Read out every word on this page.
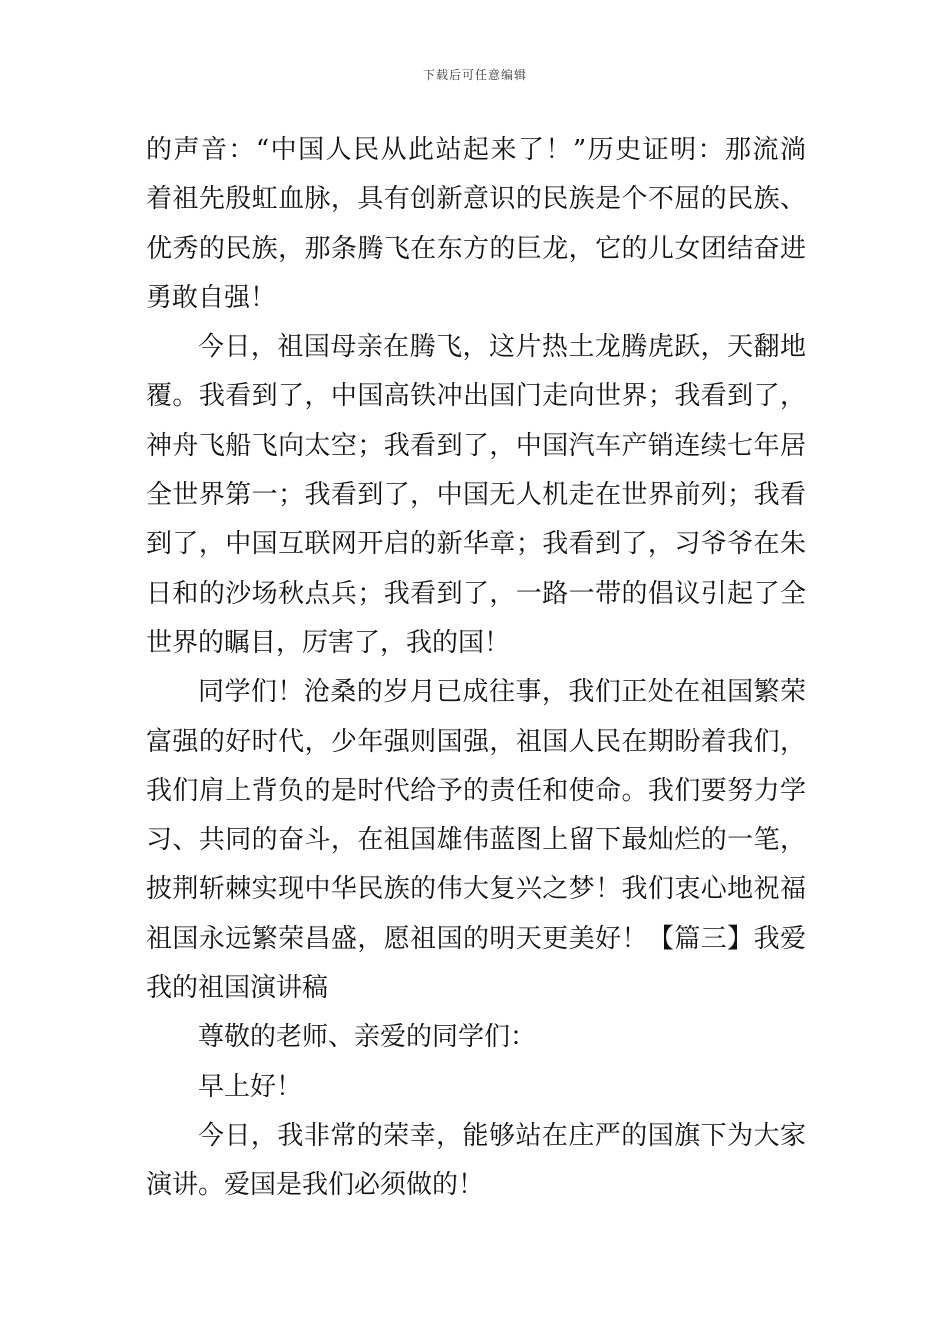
下载后可任意编辑
的声音：“中国人民从此站起来了！”历史证明：那流淌
着祖先殷虹血脉，具有创新意识的民族是个不屈的民族、
优秀的民族，那条腾飞在东方的巨龙，它的儿女团结奋进
勇敢自强！
今日，祖国母亲在腾飞，这片热土龙腾虎跃，天翻地
覆。我看到了，中国高铁冲出国门走向世界；我看到了，
神舟飞船飞向太空；我看到了，中国汽车产销连续七年居
全世界第一；我看到了，中国无人机走在世界前列；我看
到了，中国互联网开启的新华章；我看到了，习爷爷在朱
日和的沙场秋点兵；我看到了，一路一带的倡议引起了全
世界的瞩目，厉害了，我的国！
同学们！沧桑的岁月已成往事，我们正处在祖国繁荣
富强的好时代，少年强则国强，祖国人民在期盼着我们，
我们肩上背负的是时代给予的责任和使命。我们要努力学
习、共同的奋斗，在祖国雄伟蓝图上留下最灿烂的一笔，
披荆斩棘实现中华民族的伟大复兴之梦！我们衷心地祝福
祖国永远繁荣昌盛，愿祖国的明天更美好！【篇三】我爱
我的祖国演讲稿
尊敬的老师、亲爱的同学们：
早上好！
今日，我非常的荣幸，能够站在庄严的国旗下为大家
演讲。爱国是我们必须做的！
